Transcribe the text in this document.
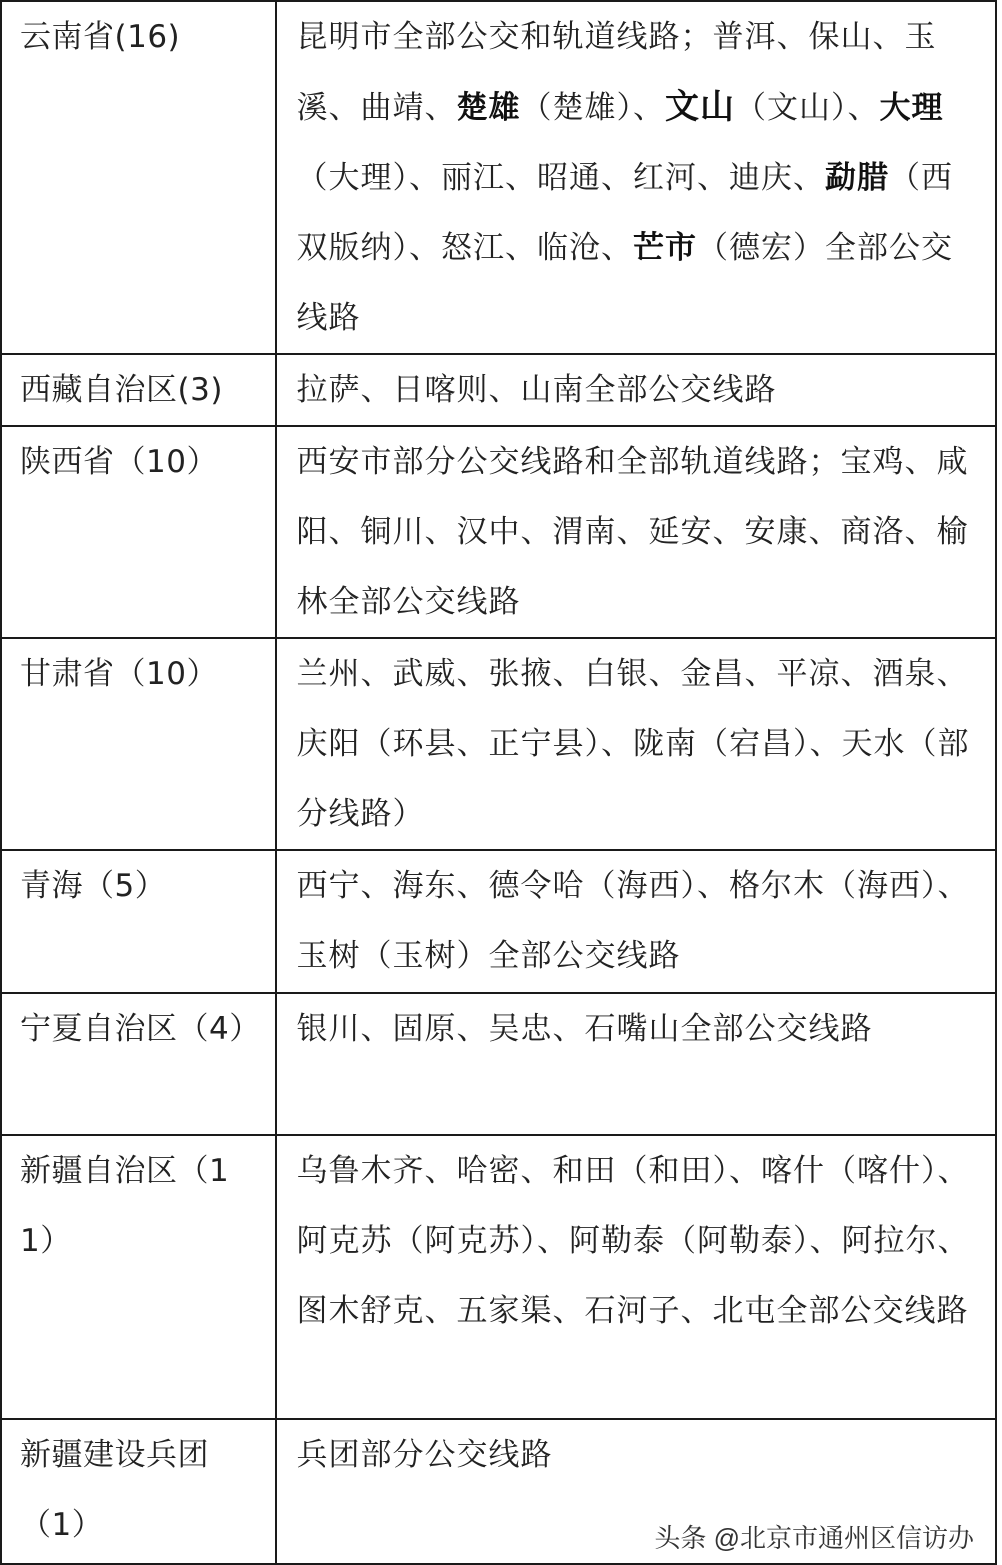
云南省(16)	昆明市全部公交和轨道线路；普洱、保山、玉溪、曲靖、楚雄（楚雄）、文山（文山）、大理（大理）、丽江、昭通、红河、迪庆、勐腊（西双版纳）、怒江、临沧、芒市（德宏）全部公交线路

西藏自治区(3)	拉萨、日喀则、山南全部公交线路

陕西省（10）	西安市部分公交线路和全部轨道线路；宝鸡、咸阳、铜川、汉中、渭南、延安、安康、商洛、榆林全部公交线路

甘肃省（10）	兰州、武威、张掖、白银、金昌、平凉、酒泉、庆阳（环县、正宁县）、陇南（宕昌）、天水（部分线路）

青海（5）	西宁、海东、德令哈（海西）、格尔木（海西）、玉树（玉树）全部公交线路

宁夏自治区（4）	银川、固原、吴忠、石嘴山全部公交线路

新疆自治区（11）	乌鲁木齐、哈密、和田（和田）、喀什（喀什）、阿克苏（阿克苏）、阿勒泰（阿勒泰）、阿拉尔、图木舒克、五家渠、石河子、北屯全部公交线路

新疆建设兵团（1）	兵团部分公交线路
头条 @北京市通州区信访办
